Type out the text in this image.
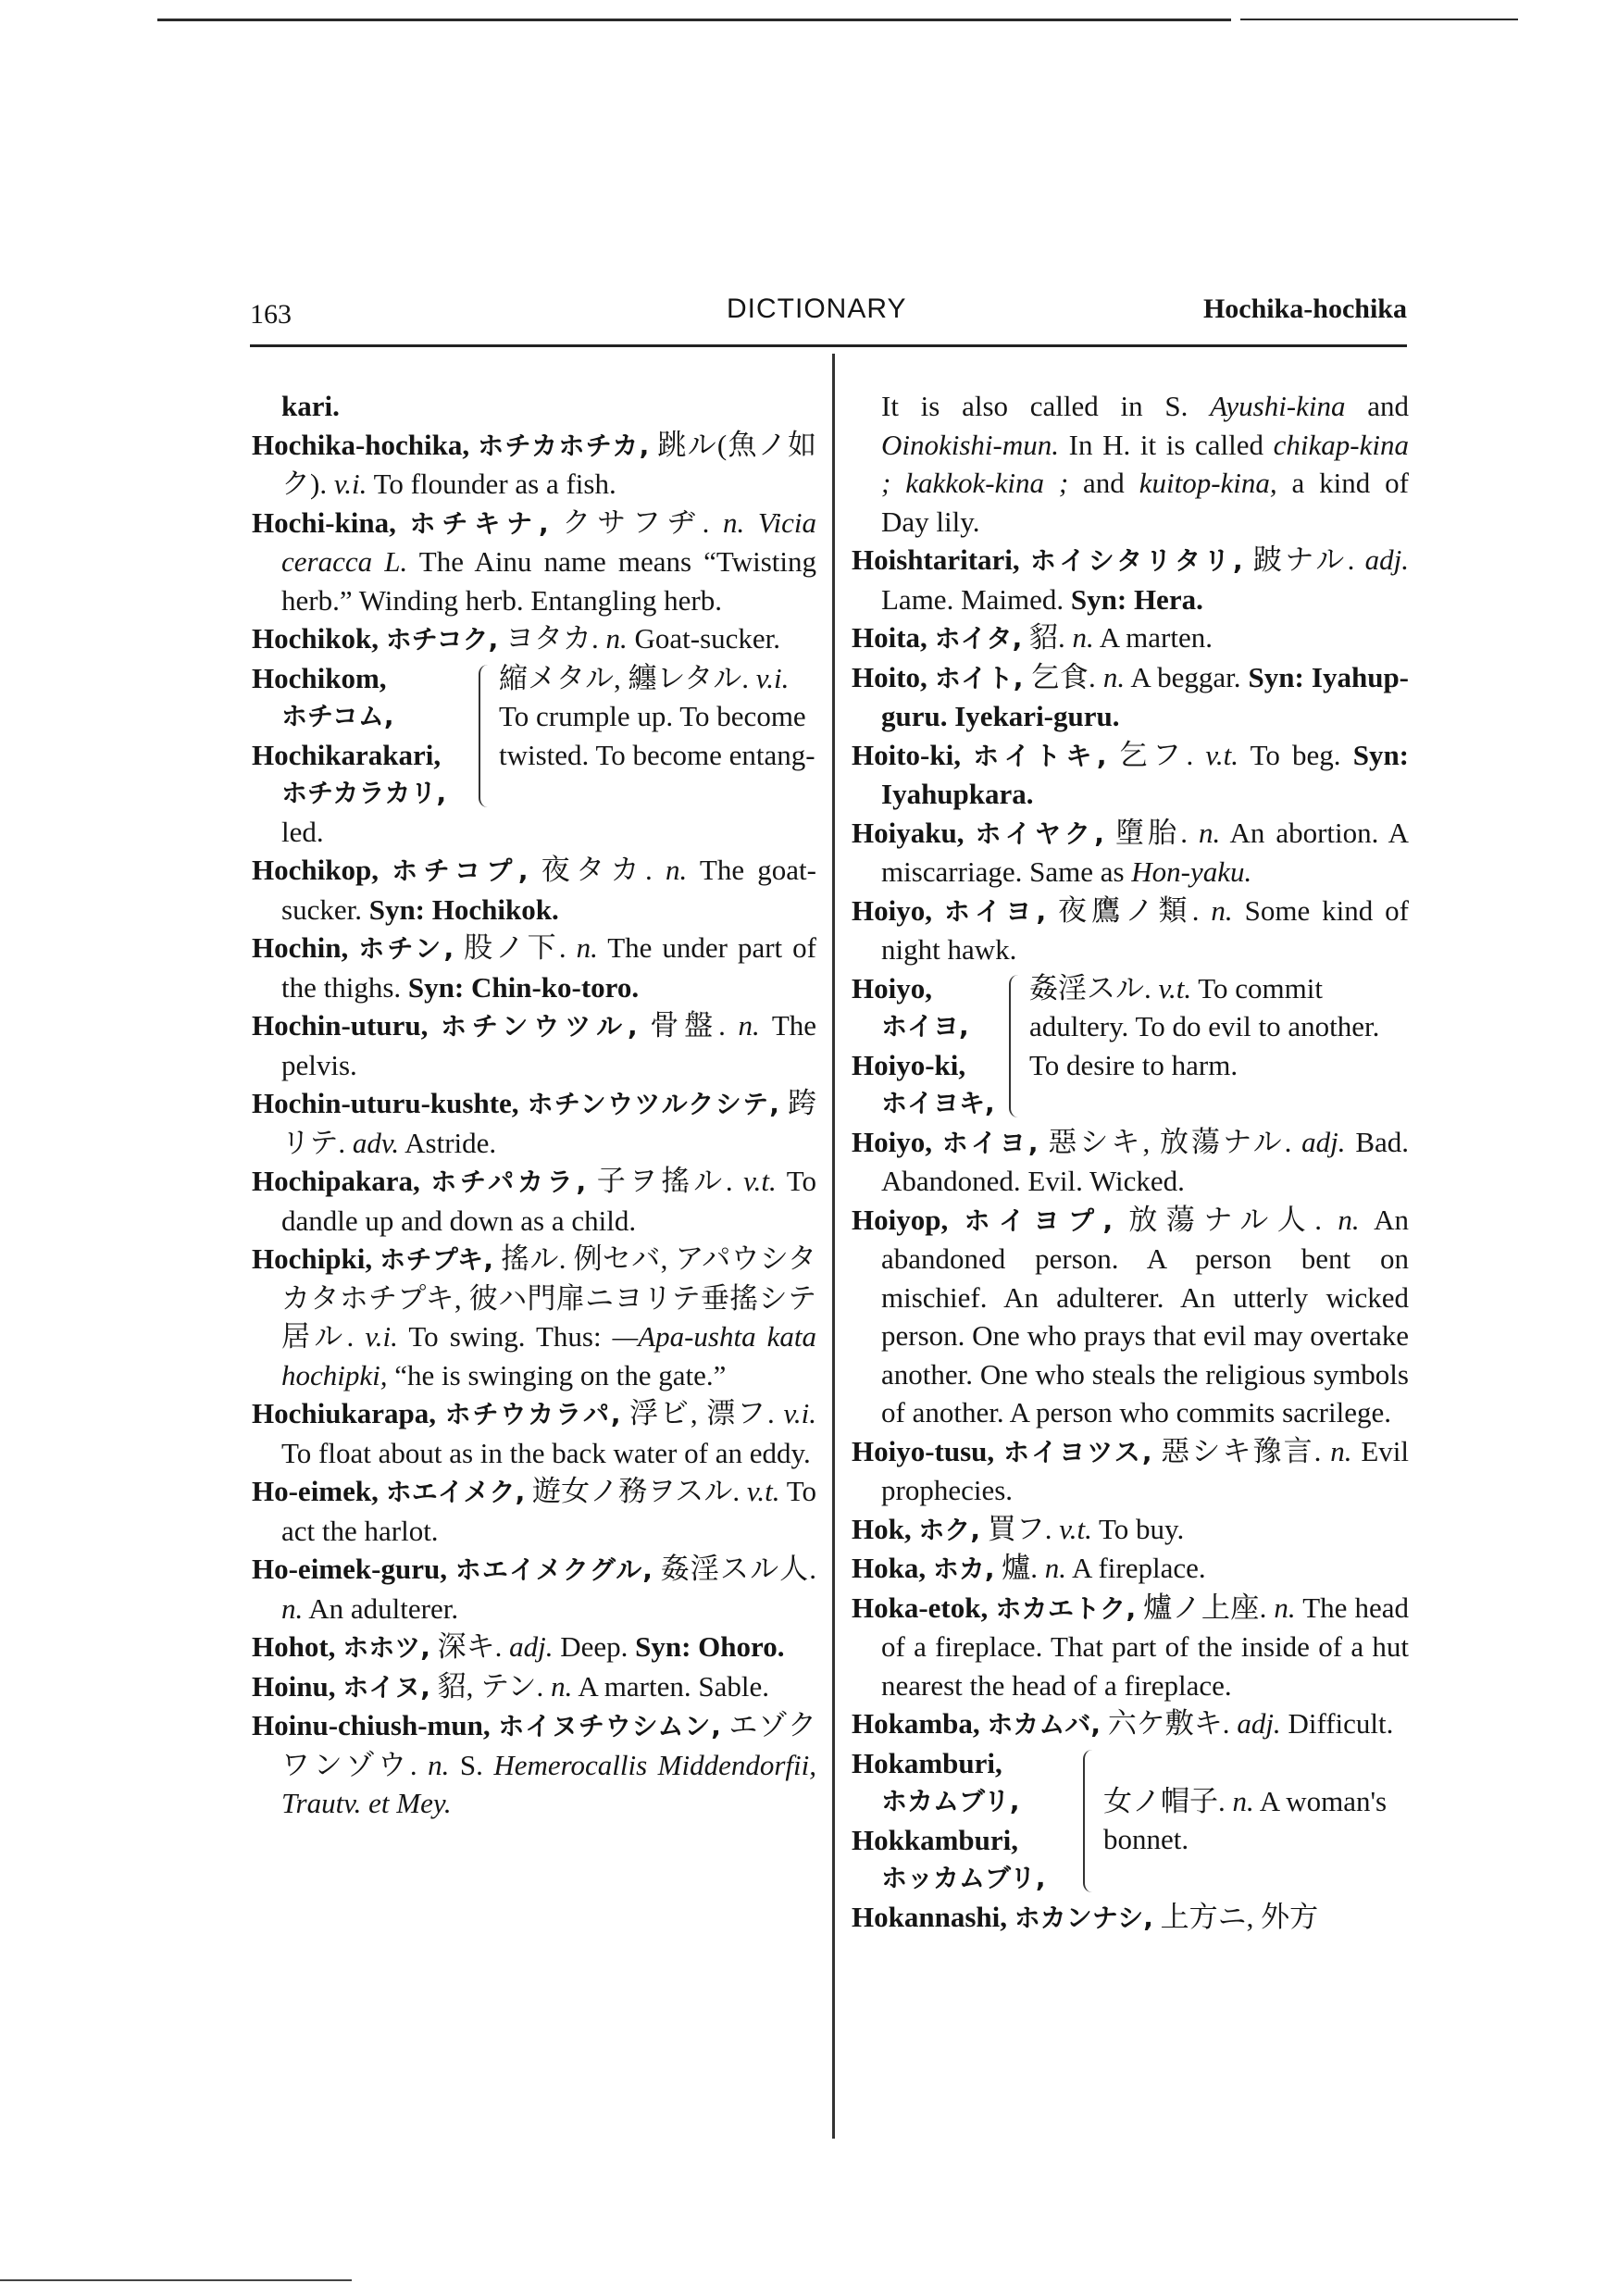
163	DICTIONARY	Hochika-hochika

kari.

Hochika-hochika, ホチカホチカ, 跳ル(魚ノ如ク). v.i. To flounder as a fish.

Hochi-kina, ホチキナ, クサフヂ. n. Vicia ceracca L. The Ainu name means “Twisting herb.” Winding herb. Entangling herb.

Hochikok, ホチコク, ヨタカ. n. Goat-sucker.

Hochikom,
ホチコム,
Hochikarakari,
ホチカラカリ,
縮メタル, 纏レタル. v.i. To crumple up. To become twisted. To become entang-

led.

Hochikop, ホチコプ, 夜タカ. n. The goat-sucker. Syn: Hochikok.

Hochin, ホチン, 股ノ下. n. The under part of the thighs. Syn: Chin-ko-toro.

Hochin-uturu, ホチンウツル, 骨盤. n. The pelvis.

Hochin-uturu-kushte, ホチンウツルクシテ, 跨リテ. adv. Astride.

Hochipakara, ホチパカラ, 子ヲ搖ル. v.t. To dandle up and down as a child.

Hochipki, ホチプキ, 搖ル. 例セバ, アパウシタカタホチプキ, 彼ハ門扉ニヨリテ垂搖シテ居ル. v.i. To swing. Thus: —Apa-ushta kata hochipki, “he is swinging on the gate.”

Hochiukarapa, ホチウカラパ, 浮ビ, 漂フ. v.i. To float about as in the back water of an eddy.

Ho-eimek, ホエイメク, 遊女ノ務ヲスル. v.t. To act the harlot.

Ho-eimek-guru, ホエイメクグル, 姦淫スル人. n. An adulterer.

Hohot, ホホツ, 深キ. adj. Deep. Syn: Ohoro.

Hoinu, ホイヌ, 貂, テン. n. A marten. Sable.

Hoinu-chiush-mun, ホイヌチウシムン, エゾクワンゾウ. n. S. Hemerocallis Middendorfii, Trautv. et Mey.

It is also called in S. Ayushi-kina and Oinokishi-mun. In H. it is called chikap-kina ; kakkok-kina ; and kuitop-kina, a kind of Day lily.

Hoishtaritari, ホイシタリタリ, 跛ナル. adj. Lame. Maimed. Syn: Hera.

Hoita, ホイタ, 貂. n. A marten.

Hoito, ホイト, 乞食. n. A beggar. Syn: Iyahup-guru. Iyekari-guru.

Hoito-ki, ホイトキ, 乞フ. v.t. To beg. Syn: Iyahupkara.

Hoiyaku, ホイヤク, 墮胎. n. An abortion. A miscarriage. Same as Hon-yaku.

Hoiyo, ホイヨ, 夜鷹ノ類. n. Some kind of night hawk.

Hoiyo,
ホイヨ,
Hoiyo-ki,
ホイヨキ,
姦淫スル. v.t. To commit adultery. To do evil to another. To desire to harm.

Hoiyo, ホイヨ, 惡シキ, 放蕩ナル. adj. Bad. Abandoned. Evil. Wicked.

Hoiyop, ホイヨプ, 放蕩ナル人. n. An abandoned person. A person bent on mischief. An adulterer. An utterly wicked person. One who prays that evil may overtake another. One who steals the religious symbols of another. A person who commits sacrilege.

Hoiyo-tusu, ホイヨツス, 惡シキ豫言. n. Evil prophecies.

Hok, ホク, 買フ. v.t. To buy.

Hoka, ホカ, 爐. n. A fireplace.

Hoka-etok, ホカエトク, 爐ノ上座. n. The head of a fireplace. That part of the inside of a hut nearest the head of a fireplace.

Hokamba, ホカムバ, 六ケ敷キ. adj. Difficult.

Hokamburi,
ホカムブリ,
Hokkamburi,
ホッカムブリ,
女ノ帽子. n. A woman's bonnet.

Hokannashi, ホカンナシ, 上方ニ, 外方
